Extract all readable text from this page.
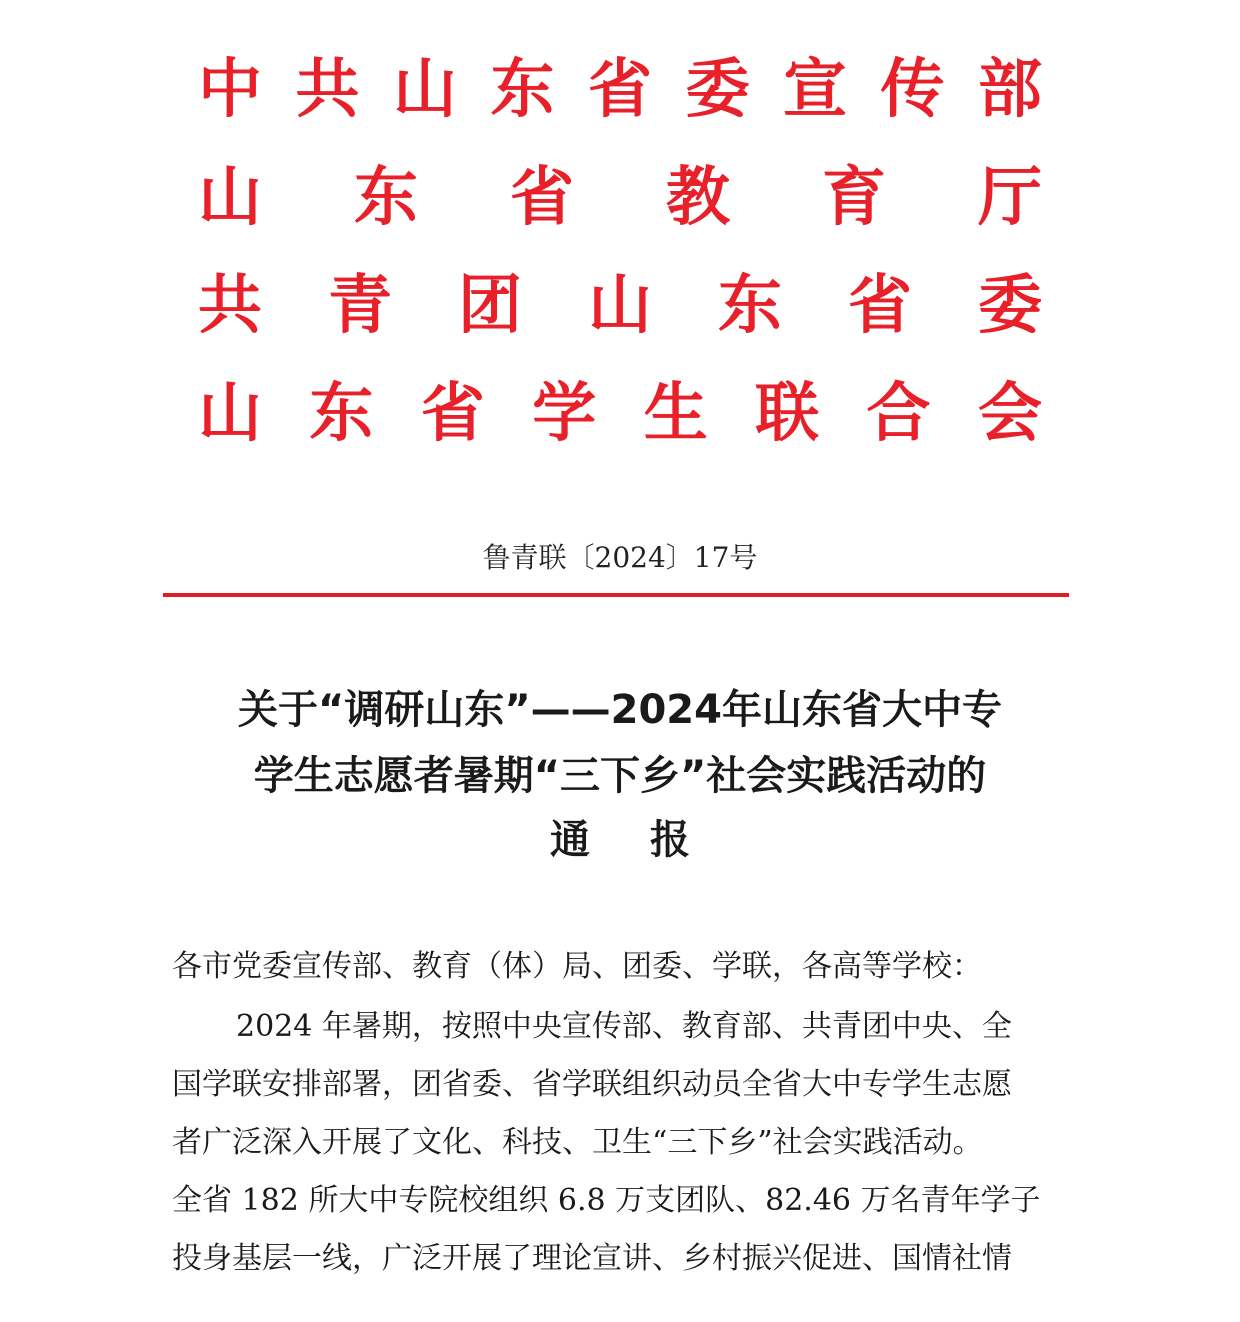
中 共 山 东 省 委 宣 传 部
山 东 省 教 育 厅
共 青 团 山 东 省 委
山 东 省 学 生 联 合 会
鲁青联〔2024〕17号
关于“调研山东”——2024年山东省大中专
学生志愿者暑期“三下乡”社会实践活动的
通报
各市党委宣传部、教育（体）局、团委、学联，各高等学校：
2024 年暑期，按照中央宣传部、教育部、共青团中央、全
国学联安排部署，团省委、省学联组织动员全省大中专学生志愿
者广泛深入开展了文化、科技、卫生“三下乡”社会实践活动。
全省 182 所大中专院校组织 6.8 万支团队、82.46 万名青年学子
投身基层一线，广泛开展了理论宣讲、乡村振兴促进、国情社情
